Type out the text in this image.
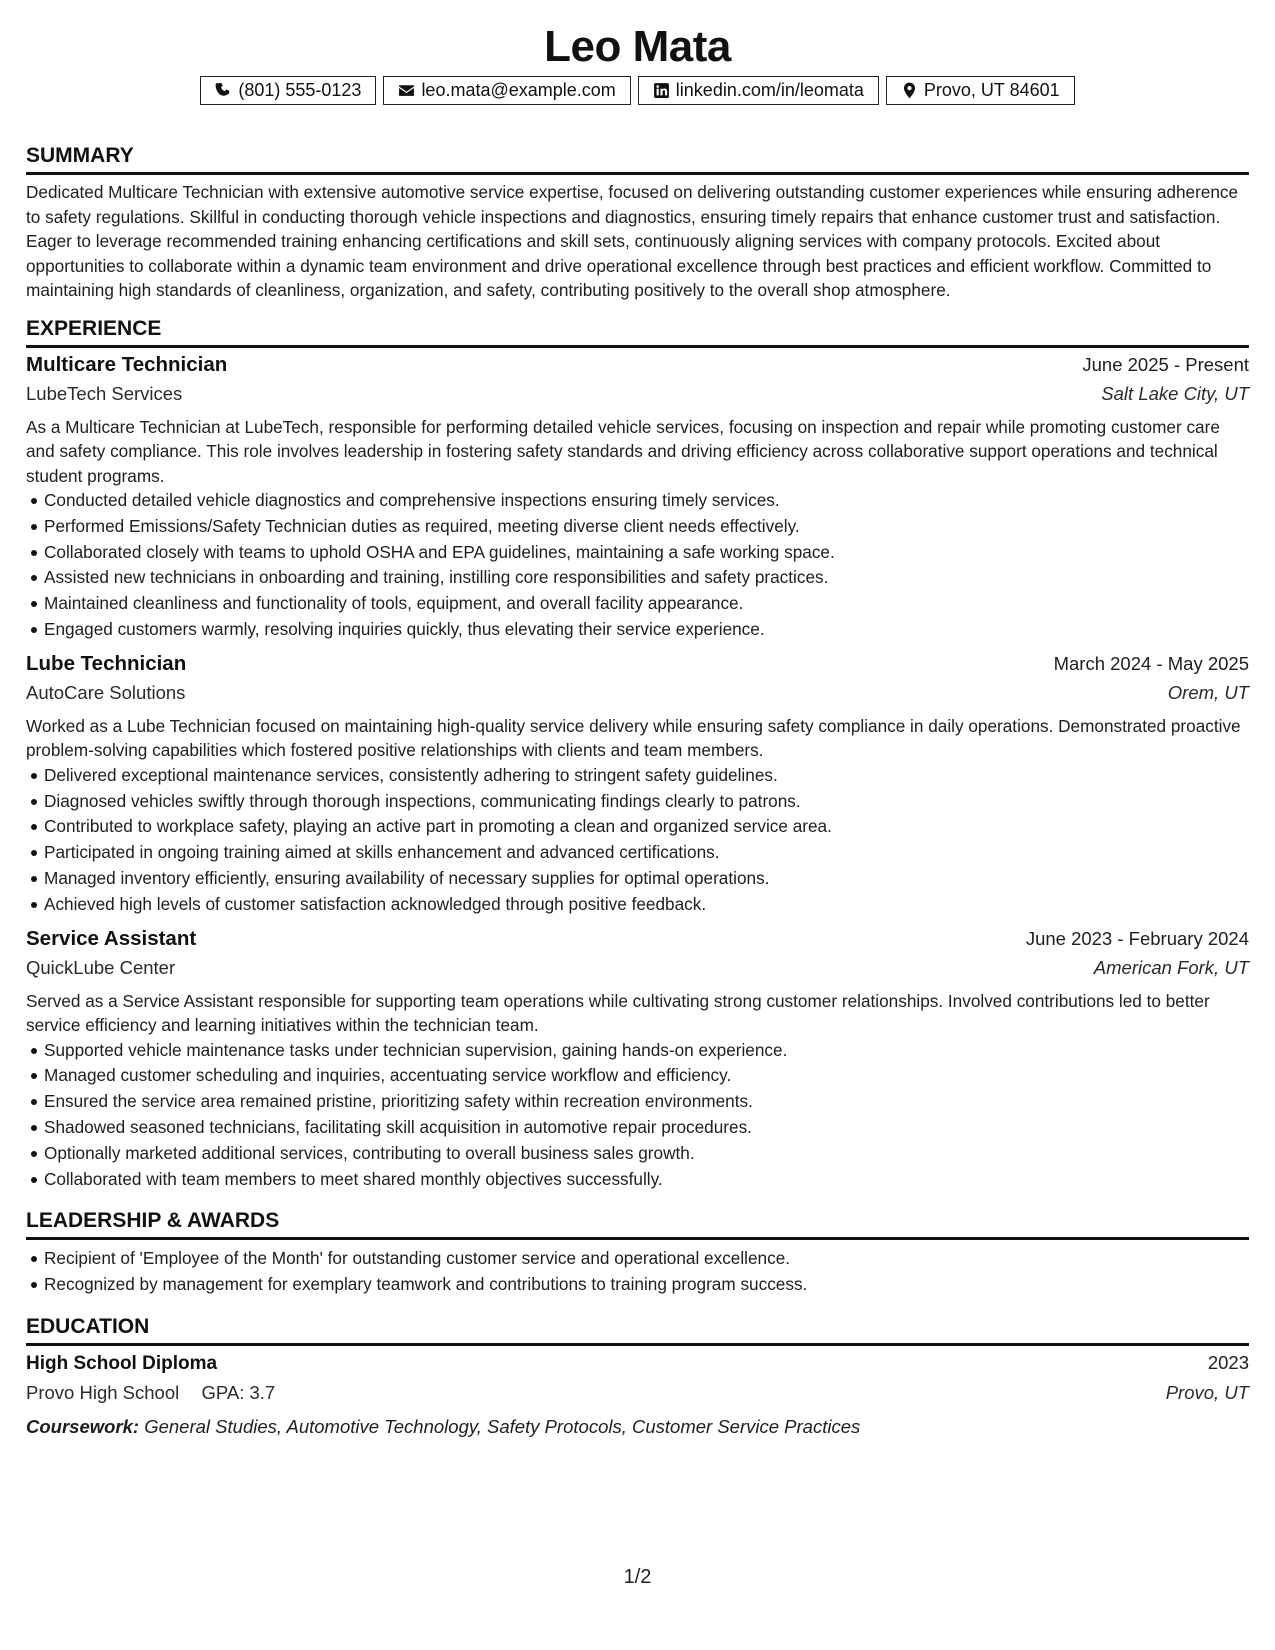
Leo Mata
(801) 555-0123	leo.mata@example.com	linkedin.com/in/leomata	Provo, UT 84601
SUMMARY
Dedicated Multicare Technician with extensive automotive service expertise, focused on delivering outstanding customer experiences while ensuring adherence to safety regulations. Skillful in conducting thorough vehicle inspections and diagnostics, ensuring timely repairs that enhance customer trust and satisfaction. Eager to leverage recommended training enhancing certifications and skill sets, continuously aligning services with company protocols. Excited about opportunities to collaborate within a dynamic team environment and drive operational excellence through best practices and efficient workflow. Committed to maintaining high standards of cleanliness, organization, and safety, contributing positively to the overall shop atmosphere.
EXPERIENCE
Multicare Technician	June 2025 - Present
LubeTech Services	Salt Lake City, UT
As a Multicare Technician at LubeTech, responsible for performing detailed vehicle services, focusing on inspection and repair while promoting customer care and safety compliance. This role involves leadership in fostering safety standards and driving efficiency across collaborative support operations and technical student programs.
Conducted detailed vehicle diagnostics and comprehensive inspections ensuring timely services.
Performed Emissions/Safety Technician duties as required, meeting diverse client needs effectively.
Collaborated closely with teams to uphold OSHA and EPA guidelines, maintaining a safe working space.
Assisted new technicians in onboarding and training, instilling core responsibilities and safety practices.
Maintained cleanliness and functionality of tools, equipment, and overall facility appearance.
Engaged customers warmly, resolving inquiries quickly, thus elevating their service experience.
Lube Technician	March 2024 - May 2025
AutoCare Solutions	Orem, UT
Worked as a Lube Technician focused on maintaining high-quality service delivery while ensuring safety compliance in daily operations. Demonstrated proactive problem-solving capabilities which fostered positive relationships with clients and team members.
Delivered exceptional maintenance services, consistently adhering to stringent safety guidelines.
Diagnosed vehicles swiftly through thorough inspections, communicating findings clearly to patrons.
Contributed to workplace safety, playing an active part in promoting a clean and organized service area.
Participated in ongoing training aimed at skills enhancement and advanced certifications.
Managed inventory efficiently, ensuring availability of necessary supplies for optimal operations.
Achieved high levels of customer satisfaction acknowledged through positive feedback.
Service Assistant	June 2023 - February 2024
QuickLube Center	American Fork, UT
Served as a Service Assistant responsible for supporting team operations while cultivating strong customer relationships. Involved contributions led to better service efficiency and learning initiatives within the technician team.
Supported vehicle maintenance tasks under technician supervision, gaining hands-on experience.
Managed customer scheduling and inquiries, accentuating service workflow and efficiency.
Ensured the service area remained pristine, prioritizing safety within recreation environments.
Shadowed seasoned technicians, facilitating skill acquisition in automotive repair procedures.
Optionally marketed additional services, contributing to overall business sales growth.
Collaborated with team members to meet shared monthly objectives successfully.
LEADERSHIP & AWARDS
Recipient of 'Employee of the Month' for outstanding customer service and operational excellence.
Recognized by management for exemplary teamwork and contributions to training program success.
EDUCATION
High School Diploma	2023
Provo High School GPA: 3.7	Provo, UT
Coursework: General Studies, Automotive Technology, Safety Protocols, Customer Service Practices
1/2
